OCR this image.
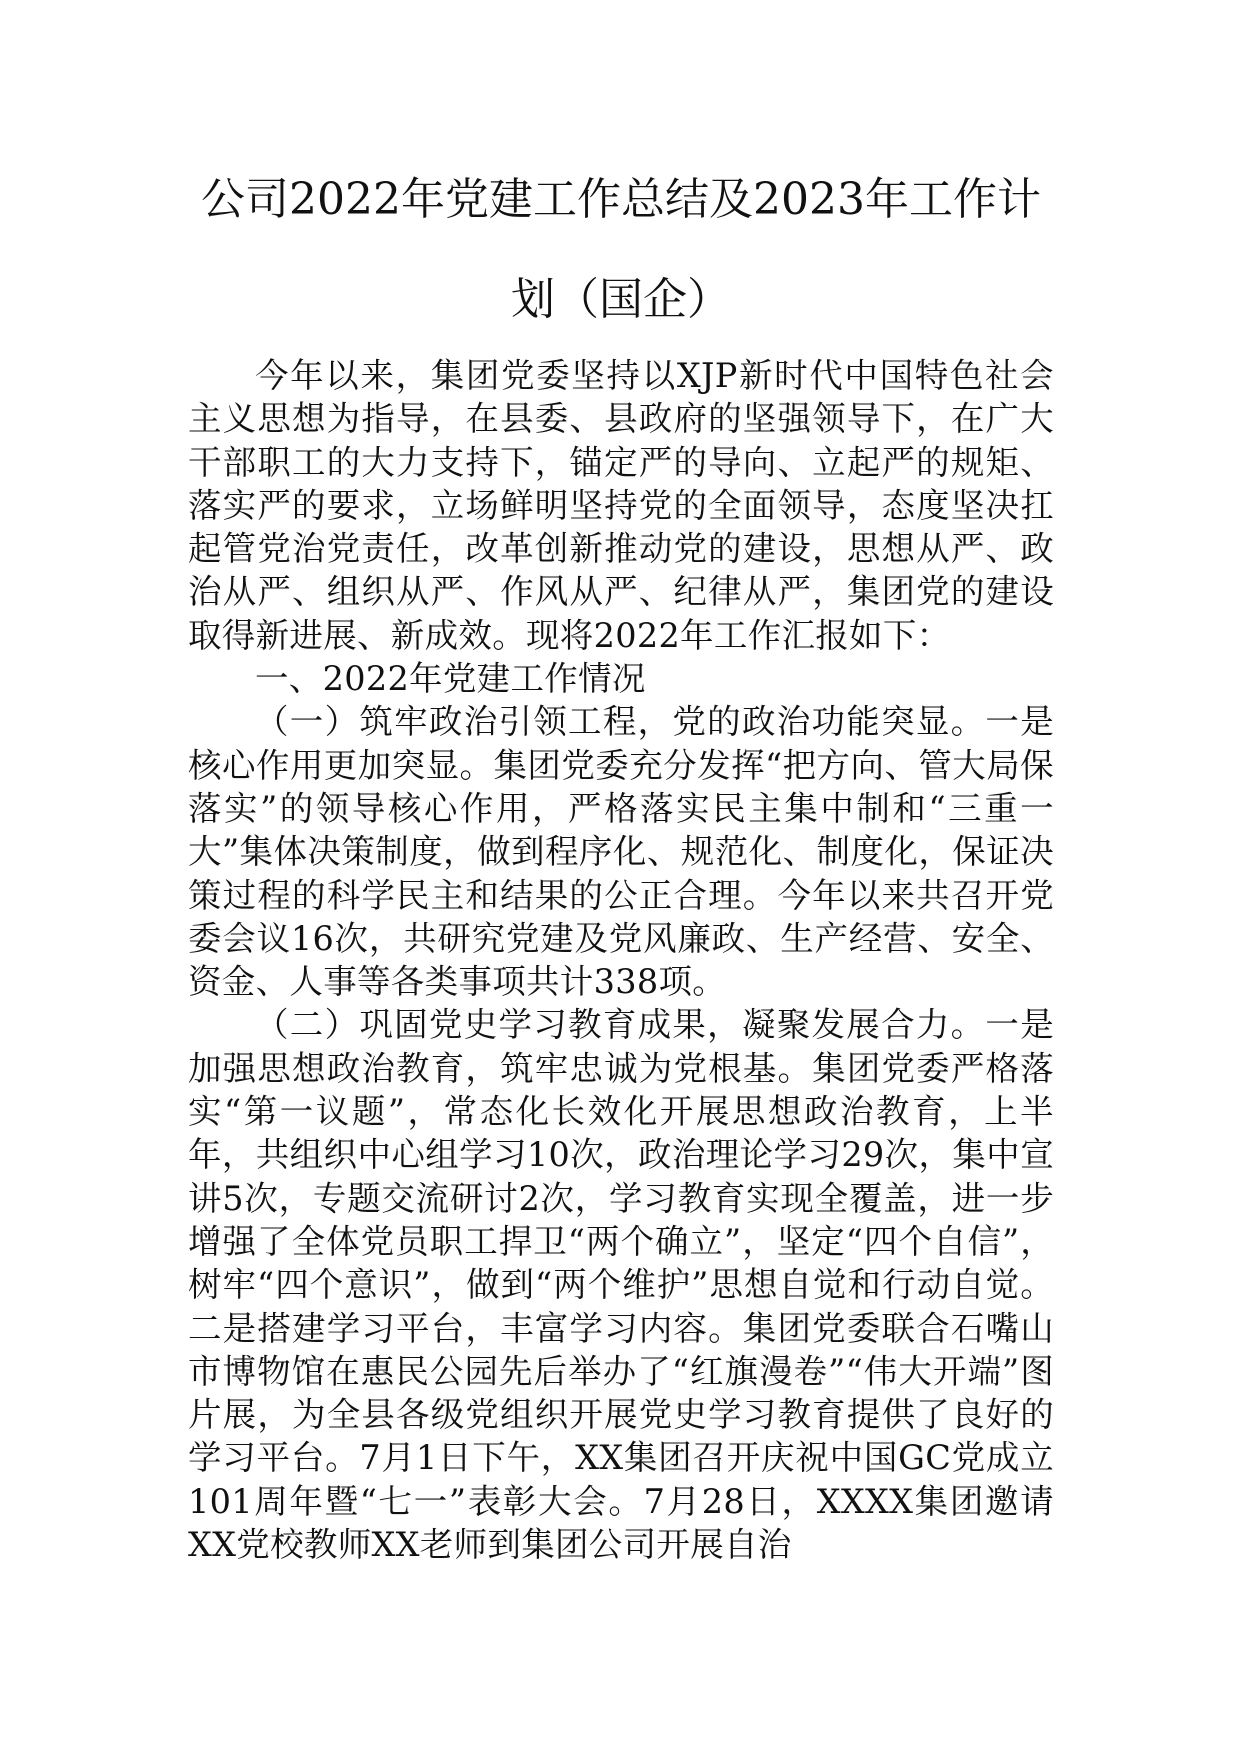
公司2022年党建工作总结及2023年工作计划（国企）

今年以来，集团党委坚持以XJP新时代中国特色社会主义思想为指导，在县委、县政府的坚强领导下，在广大干部职工的大力支持下，锚定严的导向、立起严的规矩、落实严的要求，立场鲜明坚持党的全面领导，态度坚决扛起管党治党责任，改革创新推动党的建设，思想从严、政治从严、组织从严、作风从严、纪律从严，集团党的建设取得新进展、新成效。现将2022年工作汇报如下：

一、2022年党建工作情况

（一）筑牢政治引领工程，党的政治功能突显。一是核心作用更加突显。集团党委充分发挥“把方向、管大局保落实”的领导核心作用，严格落实民主集中制和“三重一大”集体决策制度，做到程序化、规范化、制度化，保证决策过程的科学民主和结果的公正合理。今年以来共召开党委会议16次，共研究党建及党风廉政、生产经营、安全、资金、人事等各类事项共计338项。

（二）巩固党史学习教育成果，凝聚发展合力。一是加强思想政治教育，筑牢忠诚为党根基。集团党委严格落实“第一议题”，常态化长效化开展思想政治教育，上半年，共组织中心组学习10次，政治理论学习29次，集中宣讲5次，专题交流研讨2次，学习教育实现全覆盖，进一步增强了全体党员职工捍卫“两个确立”，坚定“四个自信”，树牢“四个意识”，做到“两个维护”思想自觉和行动自觉。二是搭建学习平台，丰富学习内容。集团党委联合石嘴山市博物馆在惠民公园先后举办了“红旗漫卷”“伟大开端”图片展，为全县各级党组织开展党史学习教育提供了良好的学习平台。7月1日下午，XX集团召开庆祝中国GC党成立101周年暨“七一”表彰大会。7月28日，XXXX集团邀请XX党校教师XX老师到集团公司开展自治
